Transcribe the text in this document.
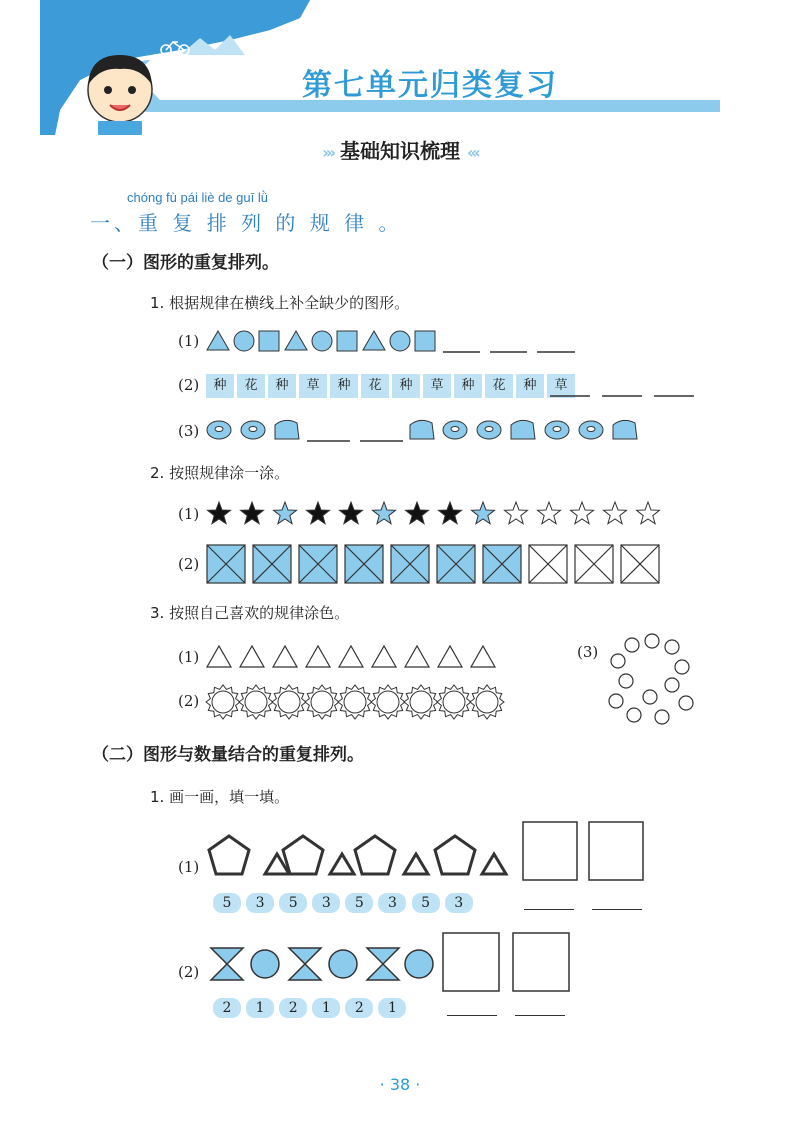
第七单元归类复习
››› 基础知识梳理 ‹‹‹
chóng fù pái liè de guī lǜ
一、重 复 排 列 的 规 律 。
（一）图形的重复排列。
1. 根据规律在横线上补全缺少的图形。
(1)
(2)	种 花 种 草 种 花 种 草 种 花 种 草
(3)
2. 按照规律涂一涂。
(1)
(2)
3. 按照自己喜欢的规律涂色。
(1)
(2)
(3)
（二）图形与数量结合的重复排列。
1. 画一画，填一填。
(1)
5 3 5 3 5 3 5 3
(2)
2 1 2 1 2 1
· 38 ·
